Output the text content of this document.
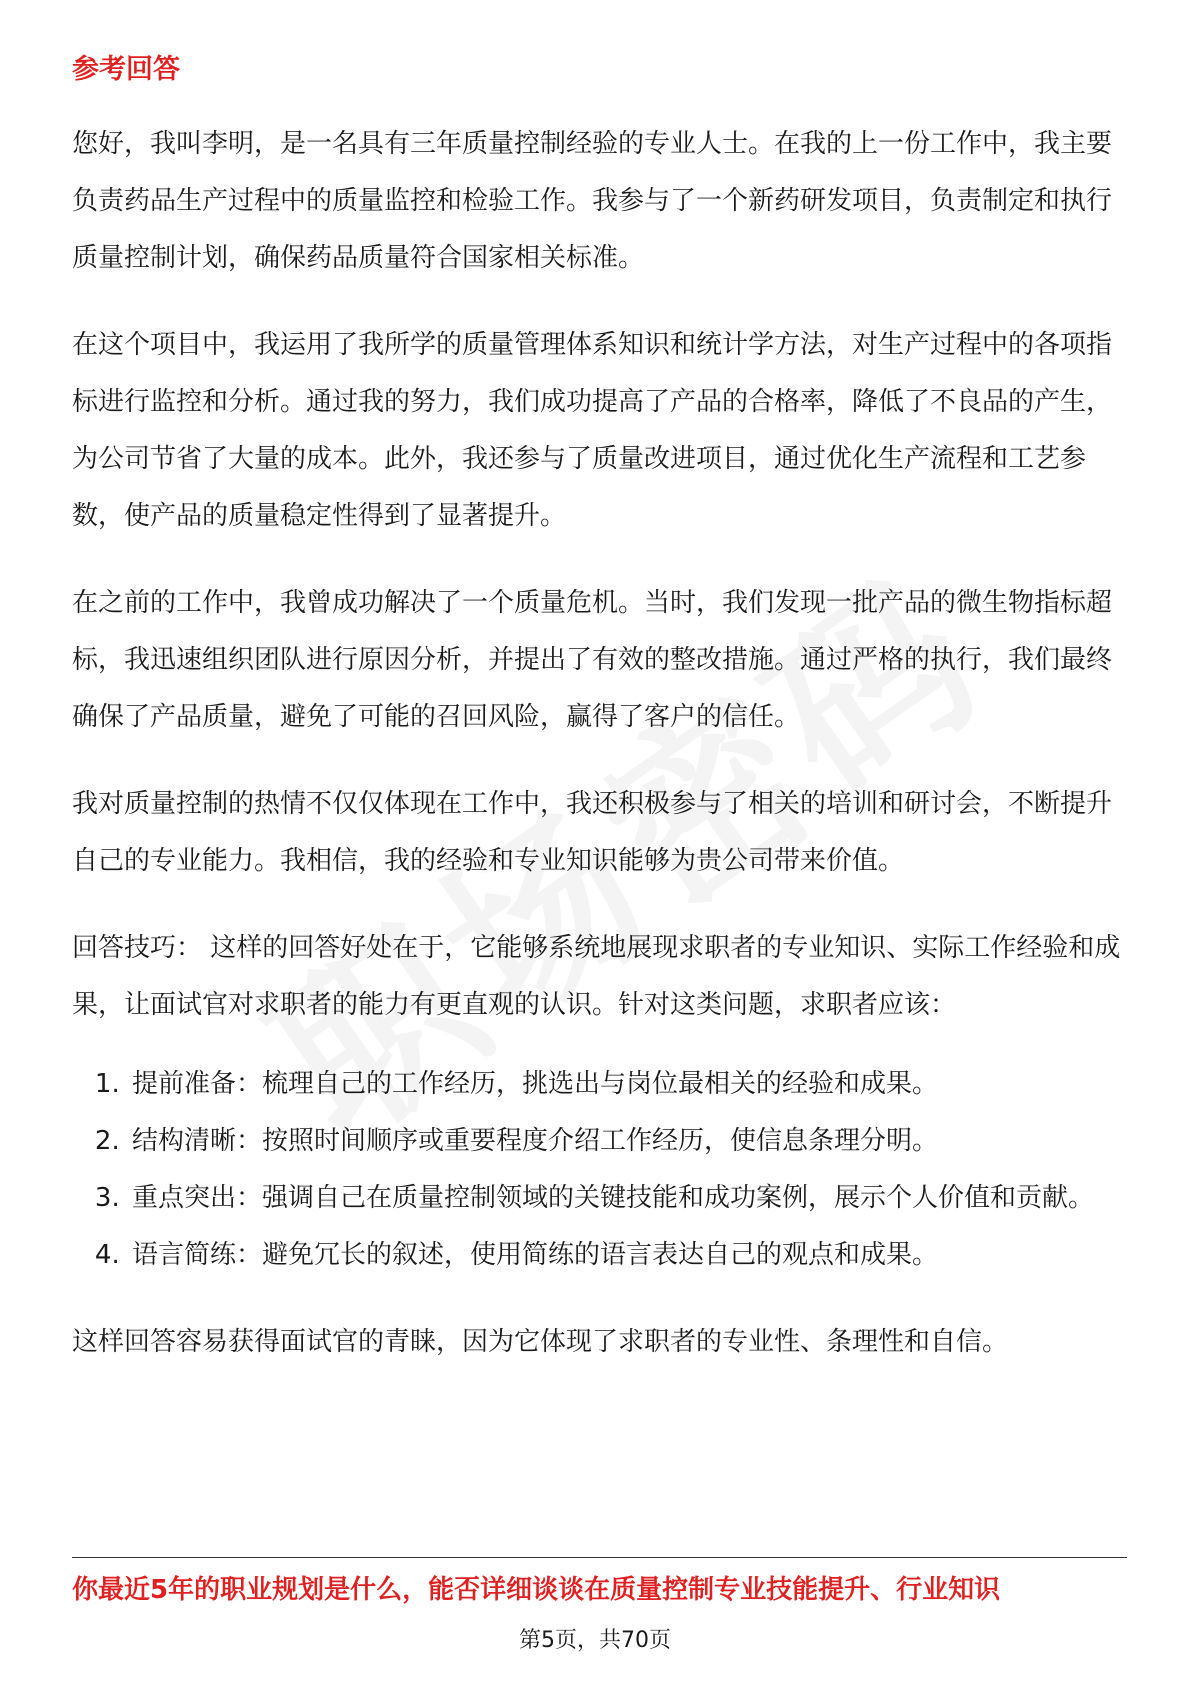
参考回答

您好，我叫李明，是一名具有三年质量控制经验的专业人士。在我的上一份工作中，我主要负责药品生产过程中的质量监控和检验工作。我参与了一个新药研发项目，负责制定和执行质量控制计划，确保药品质量符合国家相关标准。

在这个项目中，我运用了我所学的质量管理体系知识和统计学方法，对生产过程中的各项指标进行监控和分析。通过我的努力，我们成功提高了产品的合格率，降低了不良品的产生，为公司节省了大量的成本。此外，我还参与了质量改进项目，通过优化生产流程和工艺参数，使产品的质量稳定性得到了显著提升。

在之前的工作中，我曾成功解决了一个质量危机。当时，我们发现一批产品的微生物指标超标，我迅速组织团队进行原因分析，并提出了有效的整改措施。通过严格的执行，我们最终确保了产品质量，避免了可能的召回风险，赢得了客户的信任。

我对质量控制的热情不仅仅体现在工作中，我还积极参与了相关的培训和研讨会，不断提升自己的专业能力。我相信，我的经验和专业知识能够为贵公司带来价值。

回答技巧： 这样的回答好处在于，它能够系统地展现求职者的专业知识、实际工作经验和成果，让面试官对求职者的能力有更直观的认识。针对这类问题，求职者应该：

1. 提前准备：梳理自己的工作经历，挑选出与岗位最相关的经验和成果。
2. 结构清晰：按照时间顺序或重要程度介绍工作经历，使信息条理分明。
3. 重点突出：强调自己在质量控制领域的关键技能和成功案例，展示个人价值和贡献。
4. 语言简练：避免冗长的叙述，使用简练的语言表达自己的观点和成果。

这样回答容易获得面试官的青睐，因为它体现了求职者的专业性、条理性和自信。

你最近5年的职业规划是什么，能否详细谈谈在质量控制专业技能提升、行业知识
第5页，共70页
